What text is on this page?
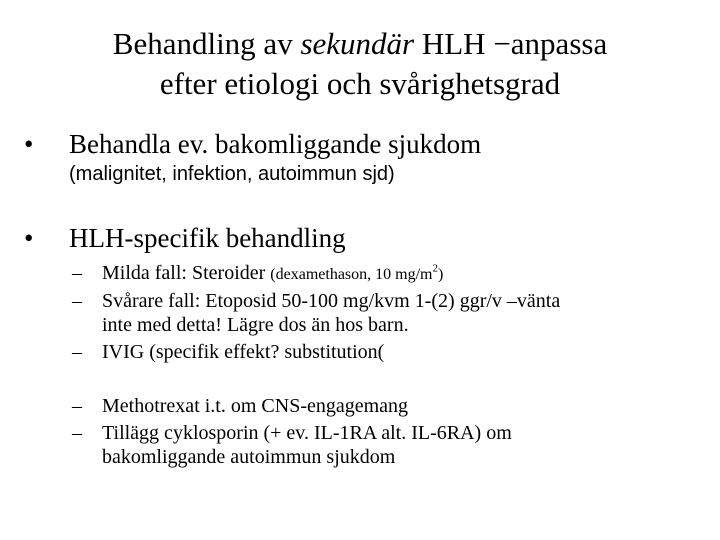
Behandling av sekundär HLH −anpassa
efter etiologi och svårighetsgrad
• Behandla ev. bakomliggande sjukdom
(malignitet, infektion, autoimmun sjd)
• HLH-specifik behandling
– Milda fall: Steroider (dexamethason, 10 $mg/m^2$)
– Svårare fall: Etoposid 50-100 mg/kvm 1-(2) ggr/v –vänta
inte med detta! Lägre dos än hos barn.
– IVIG (specifik effekt? substitution(
– Methotrexat i.t. om CNS-engagemang
– Tillägg cyklosporin (+ ev. IL-1RA alt. IL-6RA) om
bakomliggande autoimmun sjukdom
